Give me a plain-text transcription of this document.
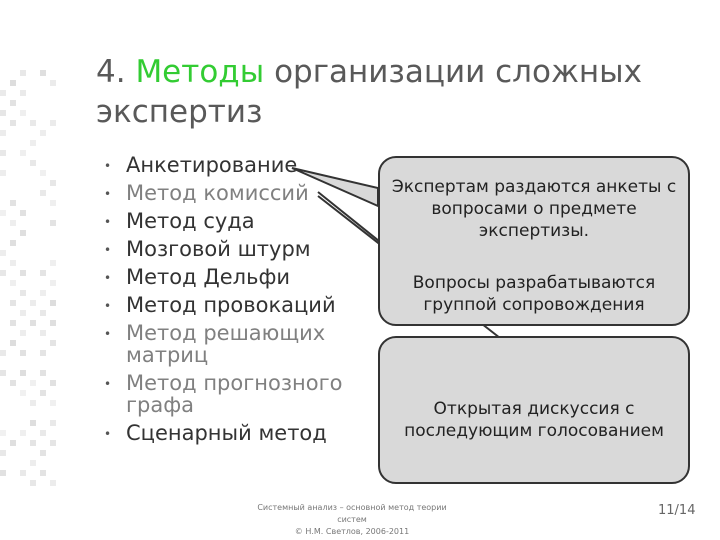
4. Методы организации сложных
экспертиз
• Анкетирование
• Метод комиссий
• Метод суда
• Мозговой штурм
• Метод Дельфи
• Метод провокаций
• Метод решающих матриц
• Метод прогнозного графа
• Сценарный метод
Экспертам раздаются анкеты с вопросами о предмете экспертизы.
Вопросы разрабатываются группой сопровождения
Открытая дискуссия с последующим голосованием
Системный анализ – основной метод теории систем
© Н.М. Светлов, 2006-2011
11/14
